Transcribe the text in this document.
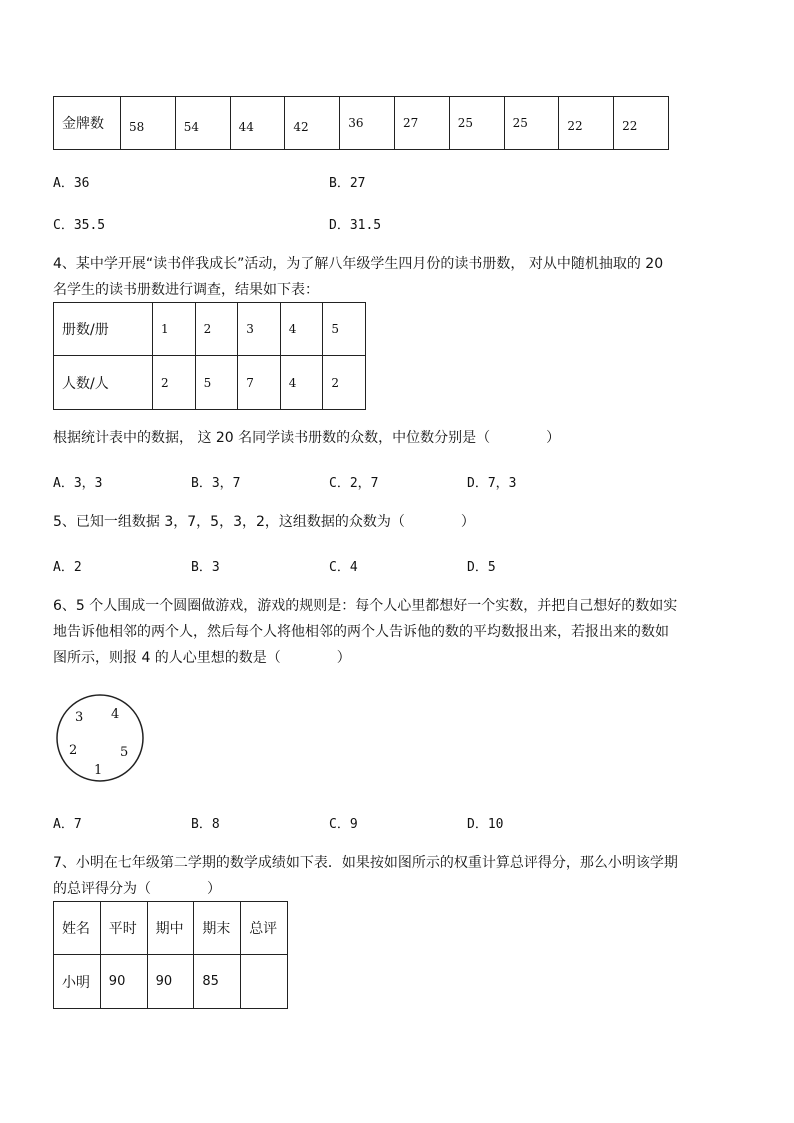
金牌数	58	54	44	42	36	27	25	25	22	22
A．36	B．27
C．35.5	D．31.5
4、某中学开展“读书伴我成长”活动，为了解八年级学生四月份的读书册数， 对从中随机抽取的 20
名学生的读书册数进行调查，结果如下表：
册数/册	1	2	3	4	5
人数/人	2	5	7	4	2
根据统计表中的数据， 这 20 名同学读书册数的众数，中位数分别是（　　　　）
A．3，3	B．3，7	C．2，7	D．7，3
5、已知一组数据 3，7，5，3，2，这组数据的众数为（　　　　）
A．2	B．3	C．4	D．5
6、5 个人围成一个圆圈做游戏，游戏的规则是：每个人心里都想好一个实数，并把自己想好的数如实
地告诉他相邻的两个人，然后每个人将他相邻的两个人告诉他的数的平均数报出来，若报出来的数如
图所示，则报 4 的人心里想的数是（　　　　）
3 4
2	5
1
A．7	B．8	C．9	D．10
7、小明在七年级第二学期的数学成绩如下表．如果按如图所示的权重计算总评得分，那么小明该学期
的总评得分为（　　　　）
姓名	平时	期中	期末	总评
小明	90	90	85	
